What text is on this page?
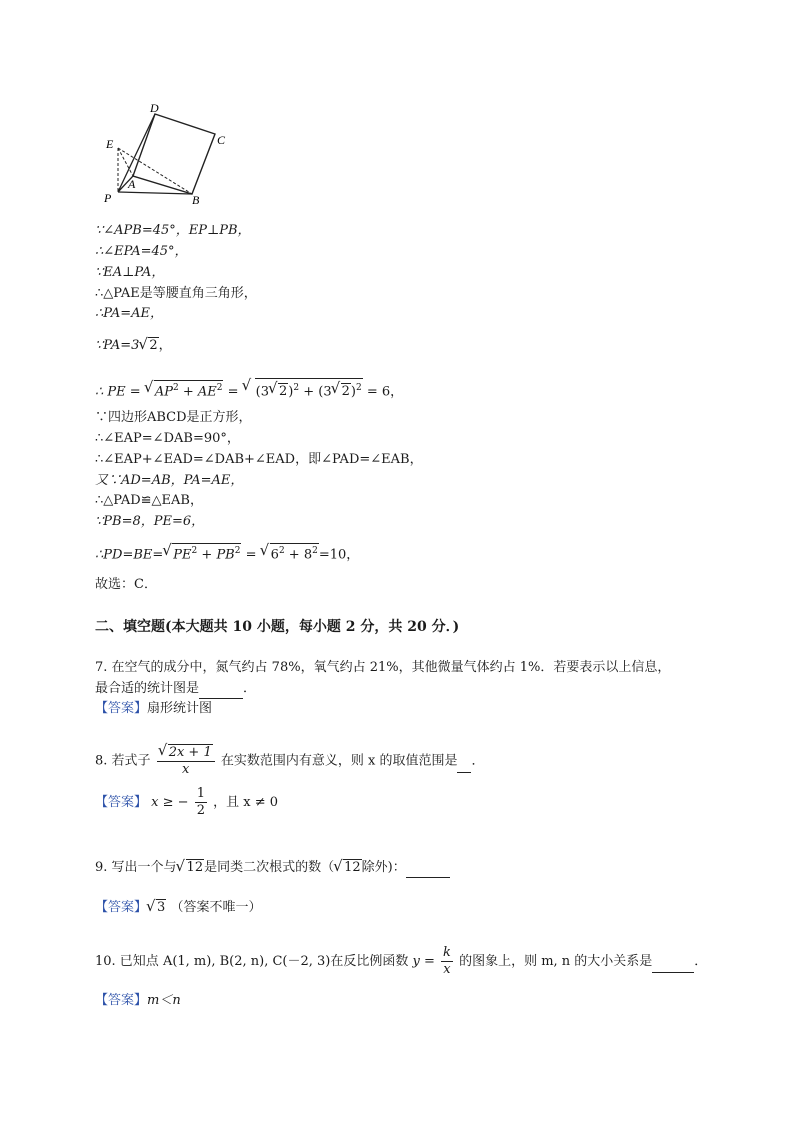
D
C
E
A
P	B
∵∠APB=45°，EP⊥PB，
∴∠EPA=45°，
∵EA⊥PA，
∴△PAE是等腰直角三角形，
∴PA=AE，
∵PA=3 √ 2，
∴ PE = √ $AP^2 + AE^2$ = √ (3 √ 2)$^2$ + (3 √ 2)$^2$ = 6，
∵四边形ABCD是正方形，
∴∠EAP=∠DAB=90°，
∴∠EAP+∠EAD=∠DAB+∠EAD，即∠PAD=∠EAB，
又∵AD=AB，PA=AE，
∴△PAD≌△EAB，
∵PB=8，PE=6，
∴PD=BE= √ $PE^2 + PB^2$ = √ $6^2 + 8^2=10$，
故选：C．
二、填空题(本大题共 10 小题，每小题 2 分，共 20 分．)
7. 在空气的成分中，氮气约占 78%，氧气约占 21%，其他微量气体约占 1%．若要表示以上信息，
最合适的统计图是	．
【答案】扇形统计图
8. 若式子 √ $\frac{2x + 1}{x}$ 在实数范围内有意义，则 x 的取值范围是 ．
【答案】 x ≥ − $\frac{1}{2}$ ，且 x ≠ 0
9. 写出一个与 √ 12是同类二次根式的数（ √ 12除外)：
【答案】 √ 3 （答案不唯一）
10. 已知点 A(1, m), B(2, n), C(－2, 3)在反比例函数 $y = \frac{k}{x}$ 的图象上，则 m, n 的大小关系是	．
【答案】m＜n
